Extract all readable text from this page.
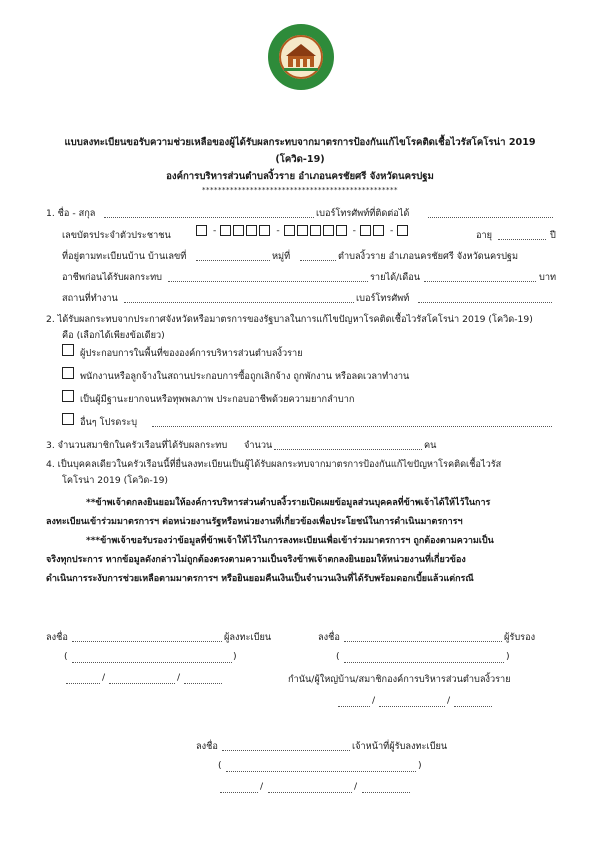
แบบลงทะเบียนขอรับความช่วยเหลือของผู้ได้รับผลกระทบจากมาตรการป้องกันแก้ไขโรคติดเชื้อไวรัสโคโรน่า 2019
(โควิด-19)
องค์การบริหารส่วนตำบลงิ้วราย อำเภอนครชัยศรี จังหวัดนครปฐม
*************************************************
1. ชื่อ - สกุล	เบอร์โทรศัพท์ที่ติดต่อได้
เลขบัตรประจำตัวประชาชน	-	-	-	-	อายุ	ปี
ที่อยู่ตามทะเบียนบ้าน บ้านเลขที่	หมู่ที่	ตำบลงิ้วราย อำเภอนครชัยศรี จังหวัดนครปฐม
อาชีพก่อนได้รับผลกระทบ	รายได้/เดือน	บาท
สถานที่ทำงาน	เบอร์โทรศัพท์
2. ได้รับผลกระทบจากประกาศจังหวัดหรือมาตรการของรัฐบาลในการแก้ไขปัญหาโรคติดเชื้อไวรัสโคโรน่า 2019 (โควิด-19)
คือ (เลือกได้เพียงข้อเดียว)
ผู้ประกอบการในพื้นที่ขององค์การบริหารส่วนตำบลงิ้วราย
พนักงานหรือลูกจ้างในสถานประกอบการซื้อถูกเลิกจ้าง ถูกพักงาน หรือลดเวลาทำงาน
เป็นผู้มีฐานะยากจนหรือทุพพลภาพ ประกอบอาชีพด้วยความยากลำบาก
อื่นๆ โปรดระบุ
3. จำนวนสมาชิกในครัวเรือนที่ได้รับผลกระทบ จำนวน	คน
4. เป็นบุคคลเดียวในครัวเรือนนี้ที่ยื่นลงทะเบียนเป็นผู้ได้รับผลกระทบจากมาตรการป้องกันแก้ไขปัญหาโรคติดเชื้อไวรัส
โคโรน่า 2019 (โควิด-19)
**ข้าพเจ้าตกลงยินยอมให้องค์การบริหารส่วนตำบลงิ้วรายเปิดเผยข้อมูลส่วนบุคคลที่ข้าพเจ้าได้ให้ไว้ในการ
ลงทะเบียนเข้าร่วมมาตรการฯ ต่อหน่วยงานรัฐหรือหน่วยงานที่เกี่ยวข้องเพื่อประโยชน์ในการดำเนินมาตรการฯ
***ข้าพเจ้าขอรับรองว่าข้อมูลที่ข้าพเจ้าให้ไว้ในการลงทะเบียนเพื่อเข้าร่วมมาตรการฯ ถูกต้องตามความเป็น
จริงทุกประการ หากข้อมูลดังกล่าวไม่ถูกต้องตรงตามความเป็นจริงข้าพเจ้าตกลงยินยอมให้หน่วยงานที่เกี่ยวข้อง
ดำเนินการระงับการช่วยเหลือตามมาตรการฯ หรือยินยอมคืนเงินเป็นจำนวนเงินที่ได้รับพร้อมดอกเบี้ยแล้วแต่กรณี
ลงชื่อ	ผู้ลงทะเบียน
(	)
/	/
ลงชื่อ	ผู้รับรอง
(	)
กำนัน/ผู้ใหญ่บ้าน/สมาชิกองค์การบริหารส่วนตำบลงิ้วราย
/	/
ลงชื่อ	เจ้าหน้าที่ผู้รับลงทะเบียน
(	)
/	/
